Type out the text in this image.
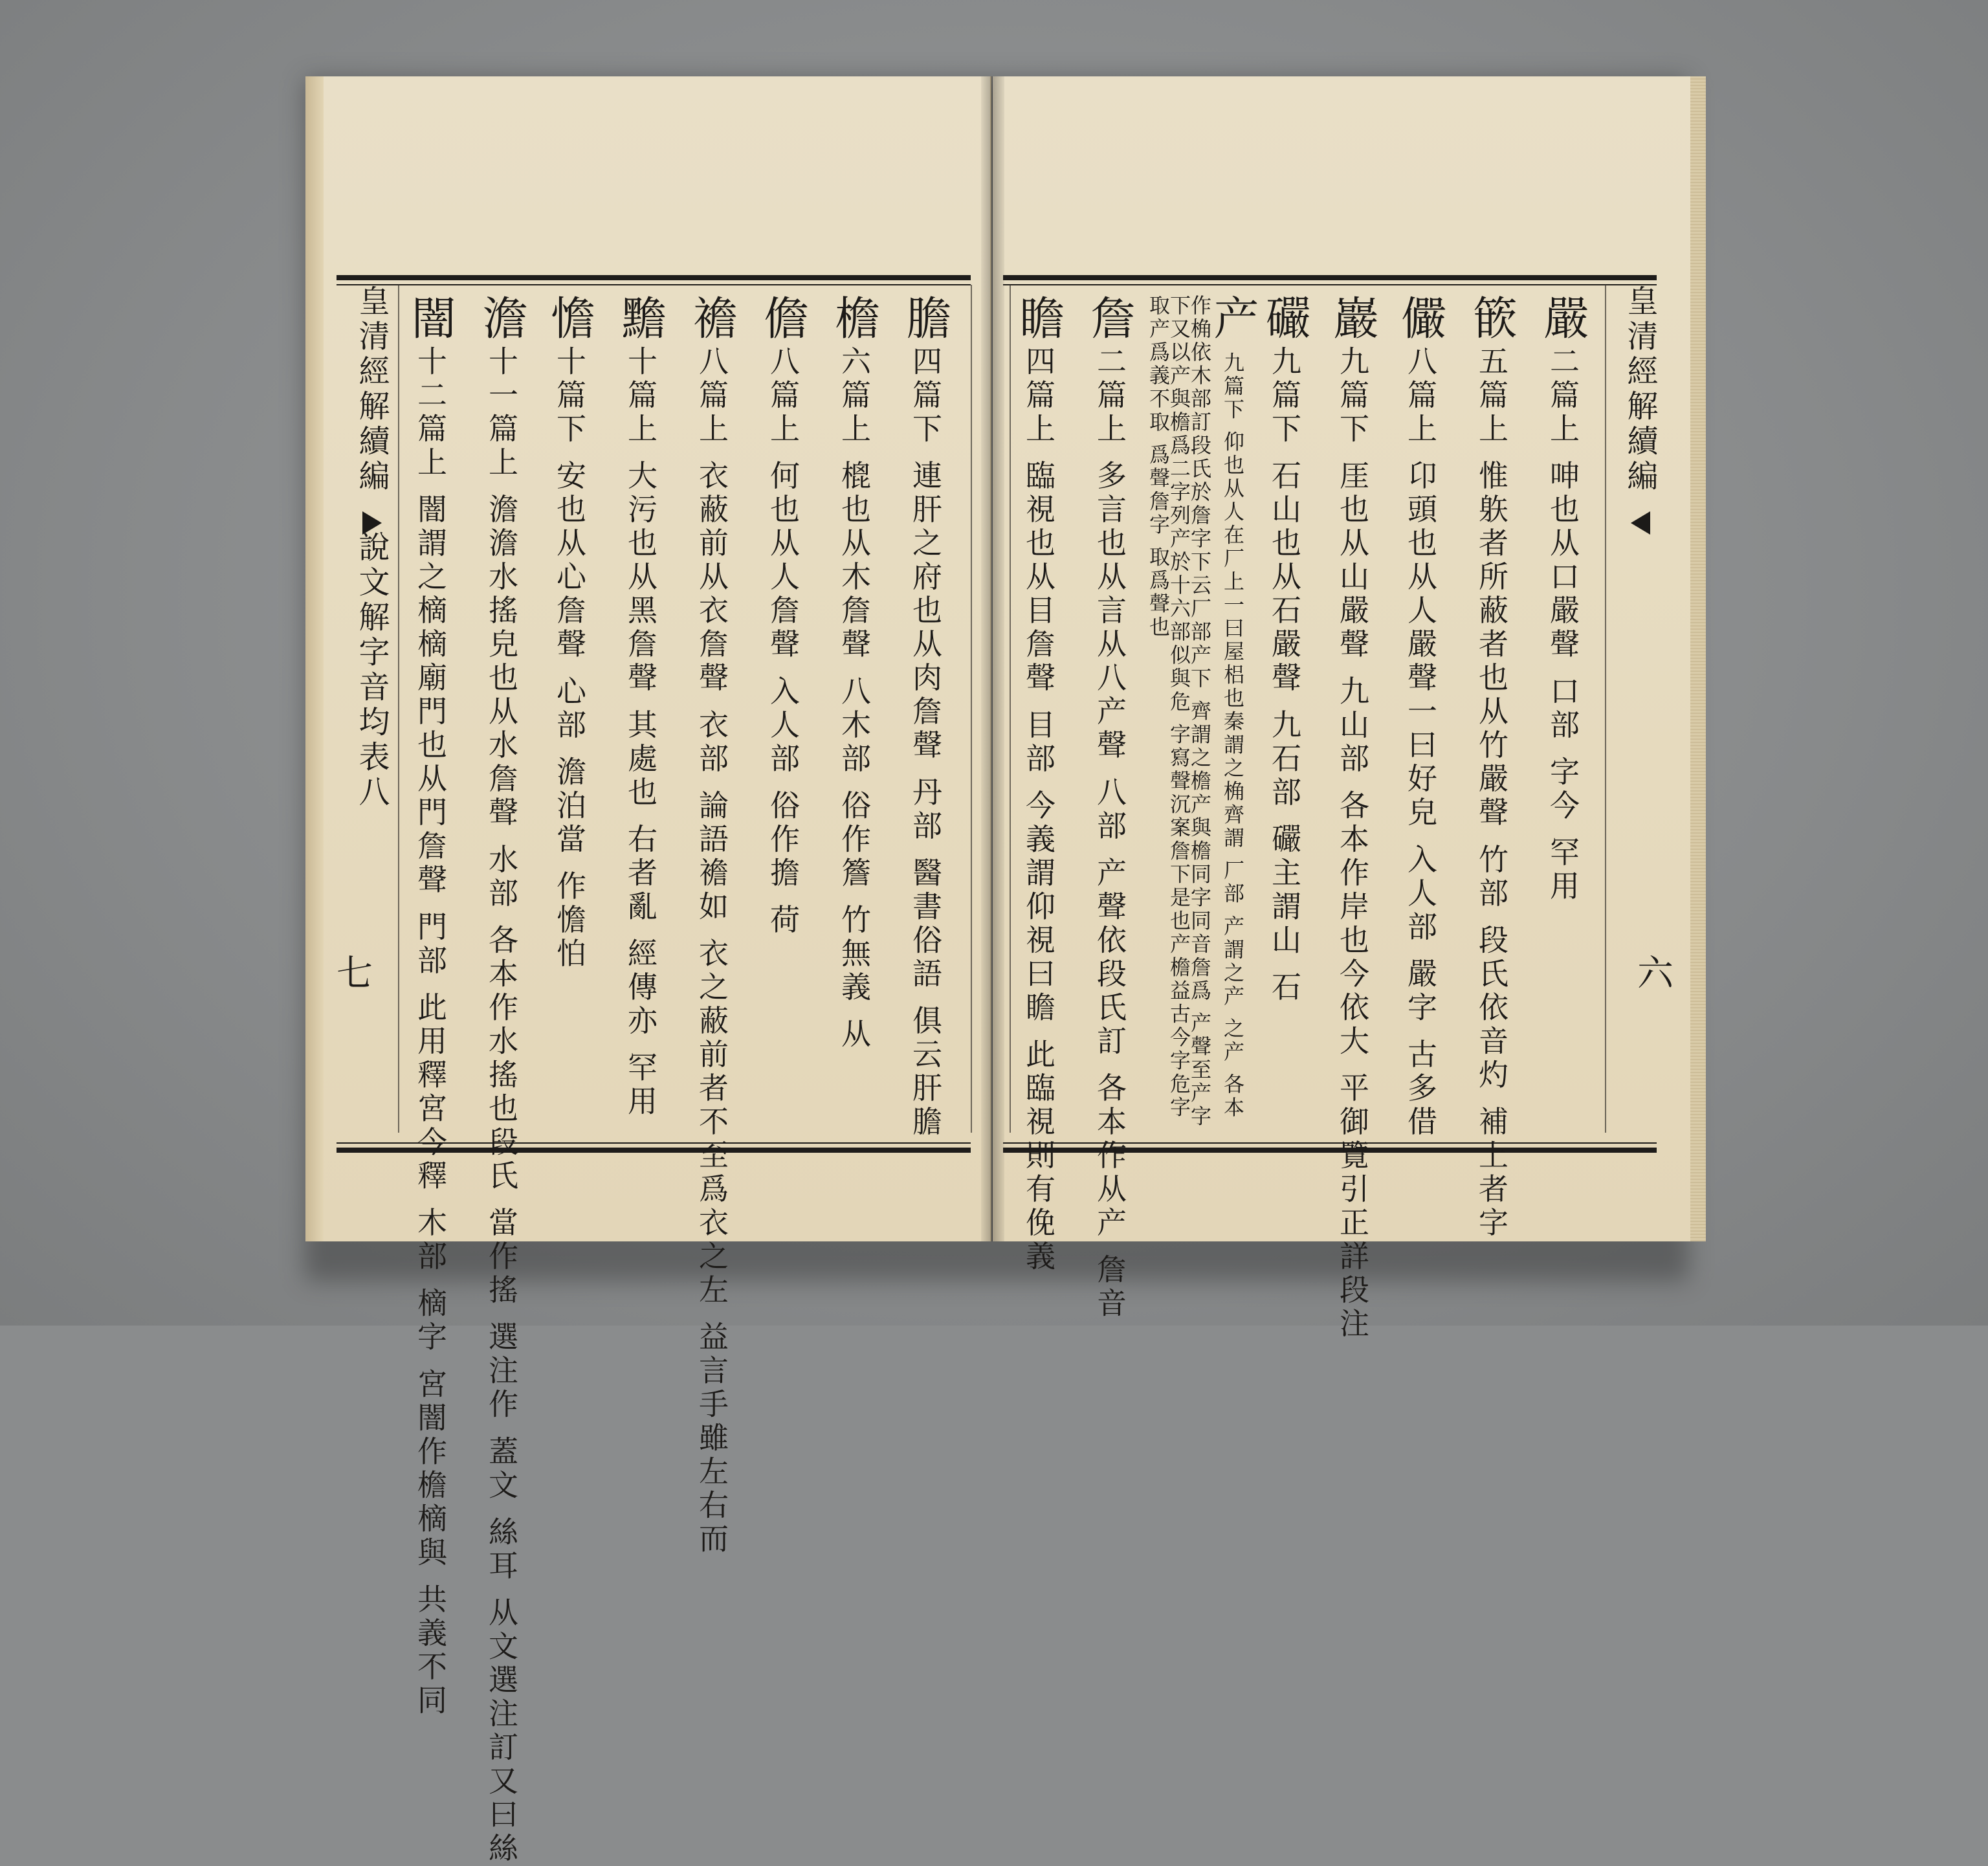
皇清經解續編
說文解字音均表八
七
皇清經解續編
六
膽 四篇下 連肝之府也从肉詹聲 丹部 醫書俗語 俱云肝膽
檐 六篇上 㮰也从木詹聲 八木部 俗作簷 竹無義 从
儋 八篇上 何也从人詹聲 入人部 俗作擔 荷
襜 八篇上 衣蔽前从衣詹聲 衣部 論語襜如 衣之蔽前者不至爲衣之左 益言手雖左右而
黵 十篇上 大污也从黑詹聲 其處也 右者亂 經傳亦 罕用
憺 十篇下 安也从心詹聲 心部 澹泊當 作憺怕
澹 十一篇上 澹澹水搖皃也从水詹聲 水部 各本作水搖也段氏 當作搖 選注作 蓋文 絲耳 从文選注訂又曰絲
闇 十二篇上 闇謂之樀樀廟門也从門詹聲 門部 此用釋宮今釋 木部 樀字 宮闇作檐樀與 共義不同
嚴 二篇上 呻也从口嚴聲 口部 字今 罕用
篏 五篇上 惟䠶者所蔽者也从竹嚴聲 竹部 段氏依音灼 補上者字
儼 八篇上 卬頭也从人嚴聲一曰好皃 入人部 嚴字 古多借
巖 九篇下 厓也从山嚴聲 九山部 各本作岸也今依大 平御覽引正詳段注
礹 九篇下 石山也从石嚴聲 九石部 礹主謂山 石
产 九篇下 仰也从人在厂上一曰屋梠也秦謂之桷齊謂 厂部 产謂之产 之产 各本作桷依木部訂段氏於詹字下云厂部产下 齊謂之檐产與檐同字同音詹爲 产聲至产字下又以产與檐爲二字列产於十六部似與危 字寫聲沉案詹下是也产檐益古今字危字取产爲義不取 爲聲詹字 取爲聲也
詹 二篇上 多言也从言从八产聲 八部 产聲依段氏訂 各本作从产 詹音
瞻 四篇上 臨視也从目詹聲 目部 今義謂仰視曰瞻 此臨視則有俛義
